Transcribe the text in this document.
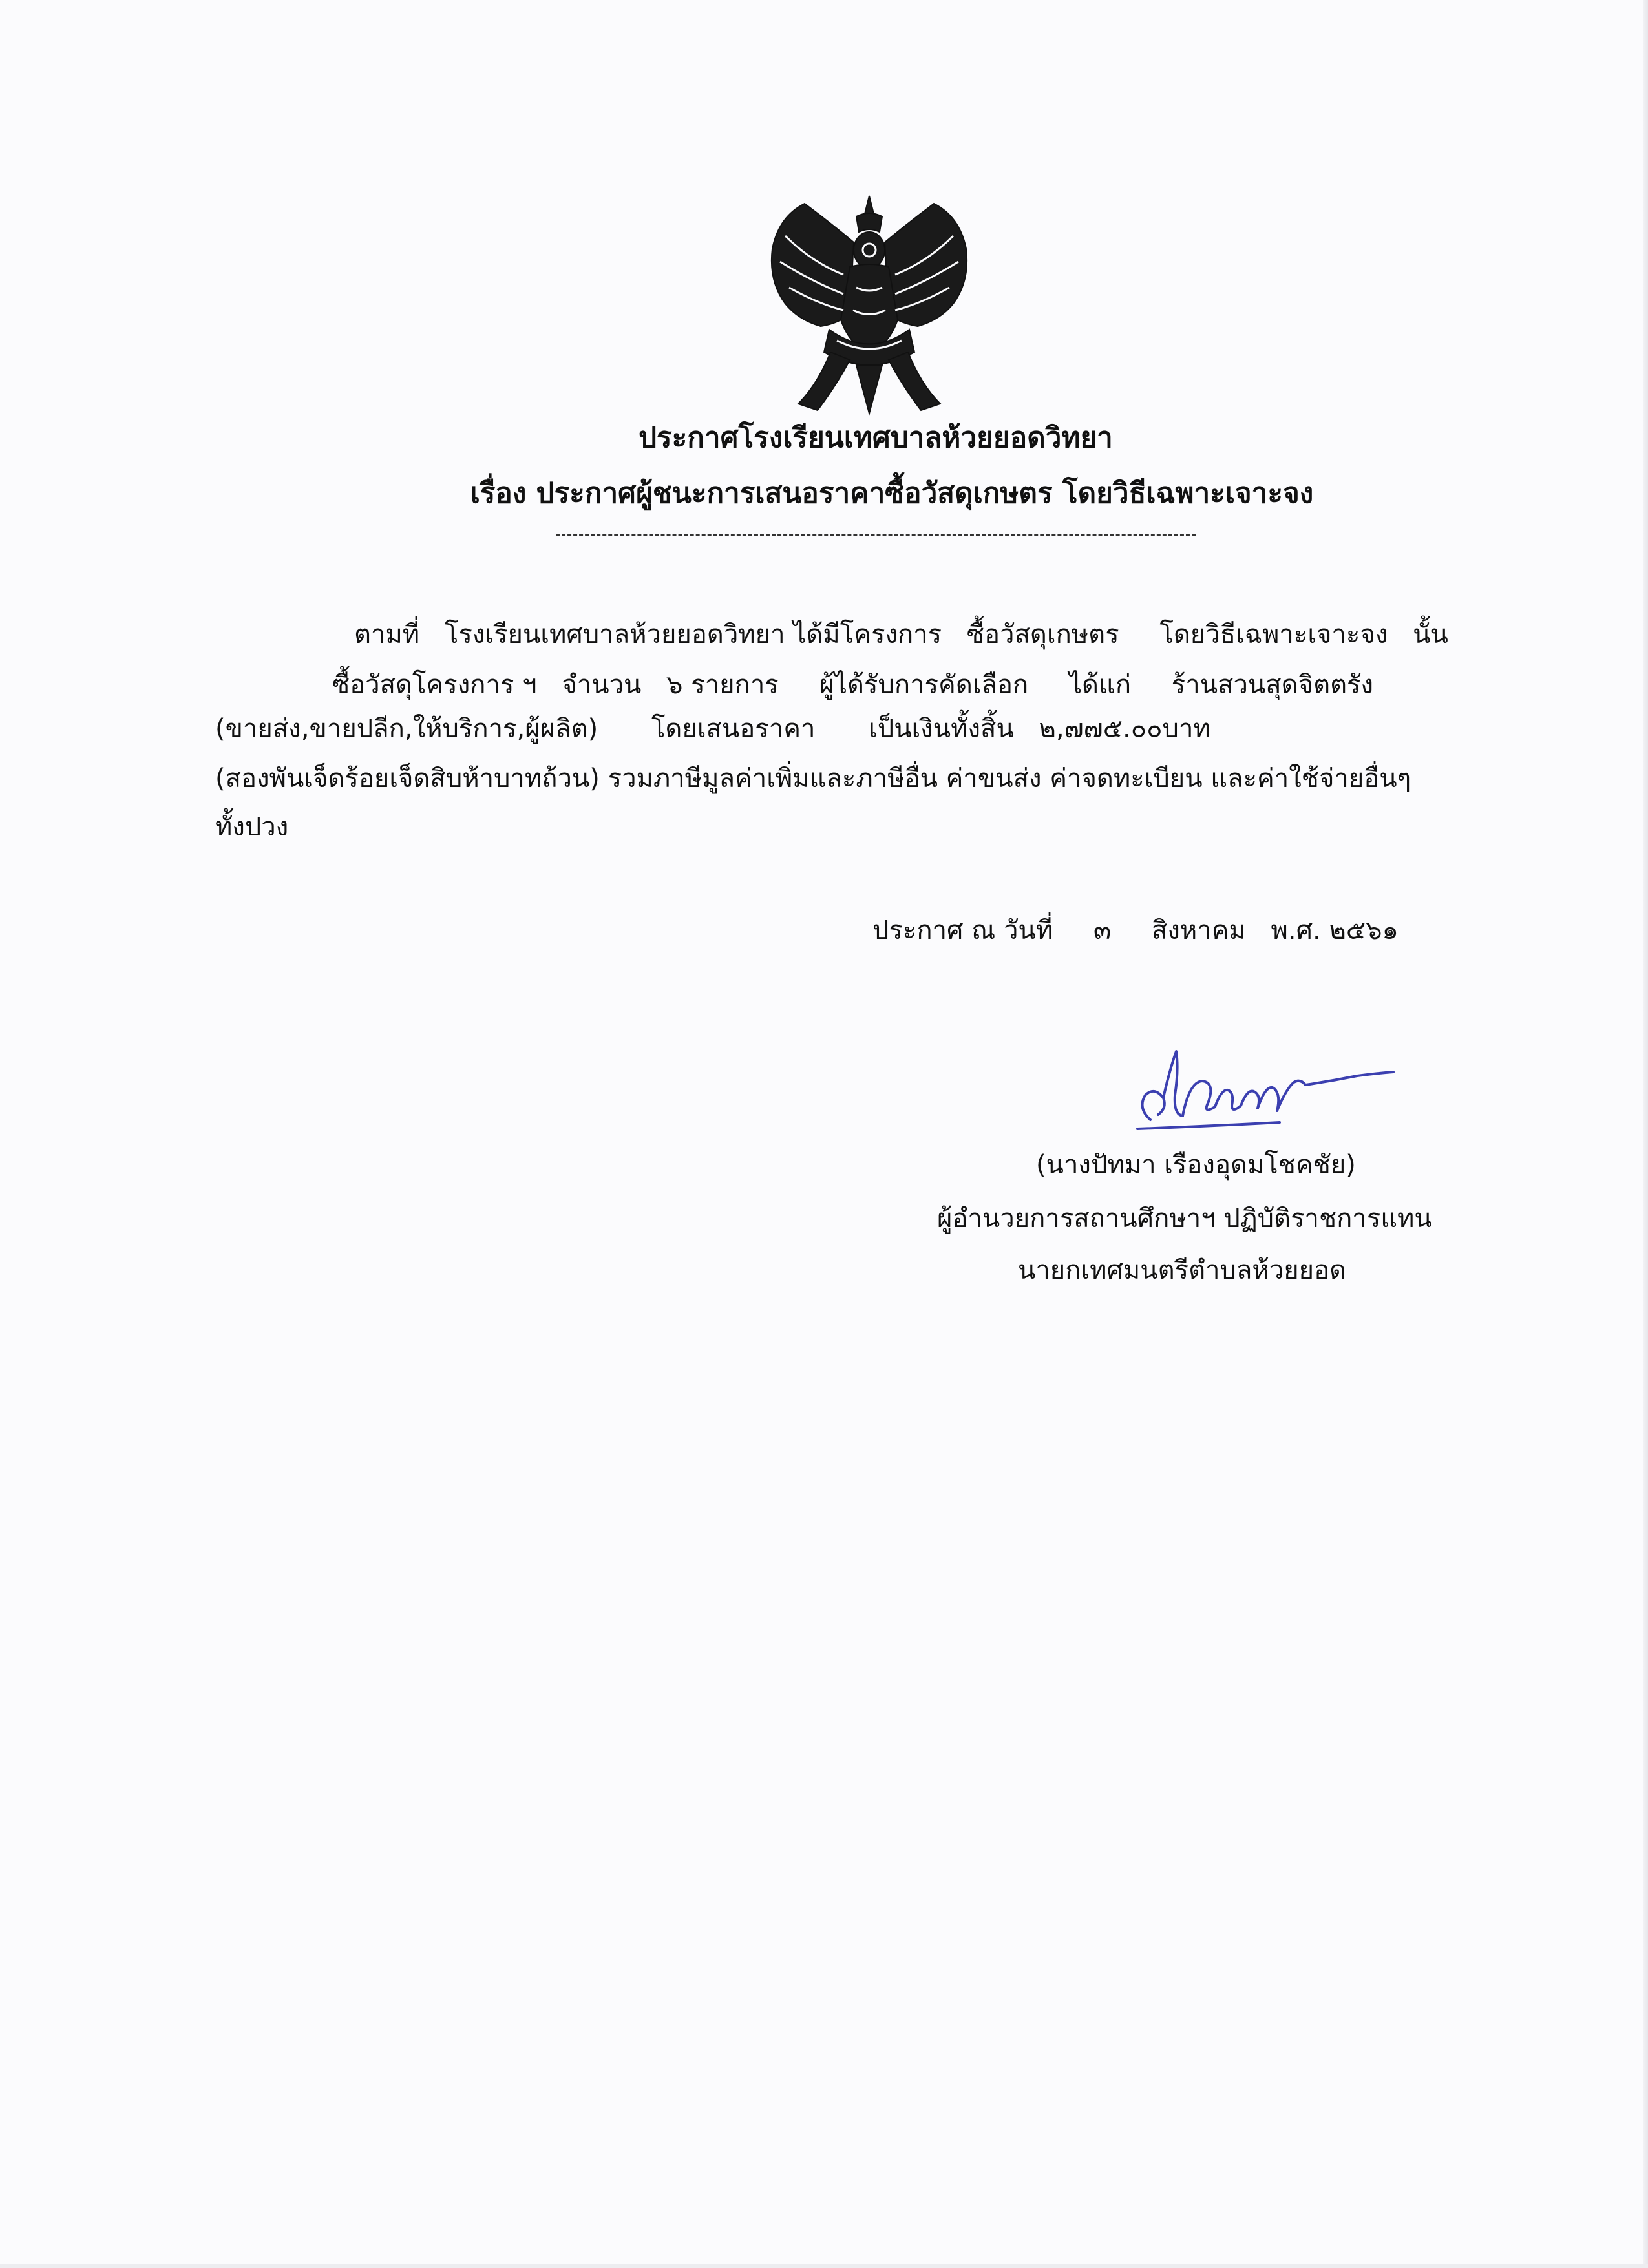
ประกาศโรงเรียนเทศบาลห้วยยอดวิทยา
เรื่อง ประกาศผู้ชนะการเสนอราคาซื้อวัสดุเกษตร โดยวิธีเฉพาะเจาะจง
ตามที่ โรงเรียนเทศบาลห้วยยอดวิทยา ได้มีโครงการ ซื้อวัสดุเกษตร โดยวิธีเฉพาะเจาะจง นั้น
ซื้อวัสดุโครงการ ฯ จำนวน ๖ รายการ ผู้ได้รับการคัดเลือก ได้แก่ ร้านสวนสุดจิตตรัง
(ขายส่ง,ขายปลีก,ให้บริการ,ผู้ผลิต) โดยเสนอราคา เป็นเงินทั้งสิ้น ๒,๗๗๕.๐๐บาท
(สองพันเจ็ดร้อยเจ็ดสิบห้าบาทถ้วน) รวมภาษีมูลค่าเพิ่มและภาษีอื่น ค่าขนส่ง ค่าจดทะเบียน และค่าใช้จ่ายอื่นๆ
ทั้งปวง
ประกาศ ณ วันที่ ๓ สิงหาคม พ.ศ. ๒๕๖๑
(นางปัทมา เรืองอุดมโชคชัย)
ผู้อำนวยการสถานศึกษาฯ ปฏิบัติราชการแทน
นายกเทศมนตรีตำบลห้วยยอด
